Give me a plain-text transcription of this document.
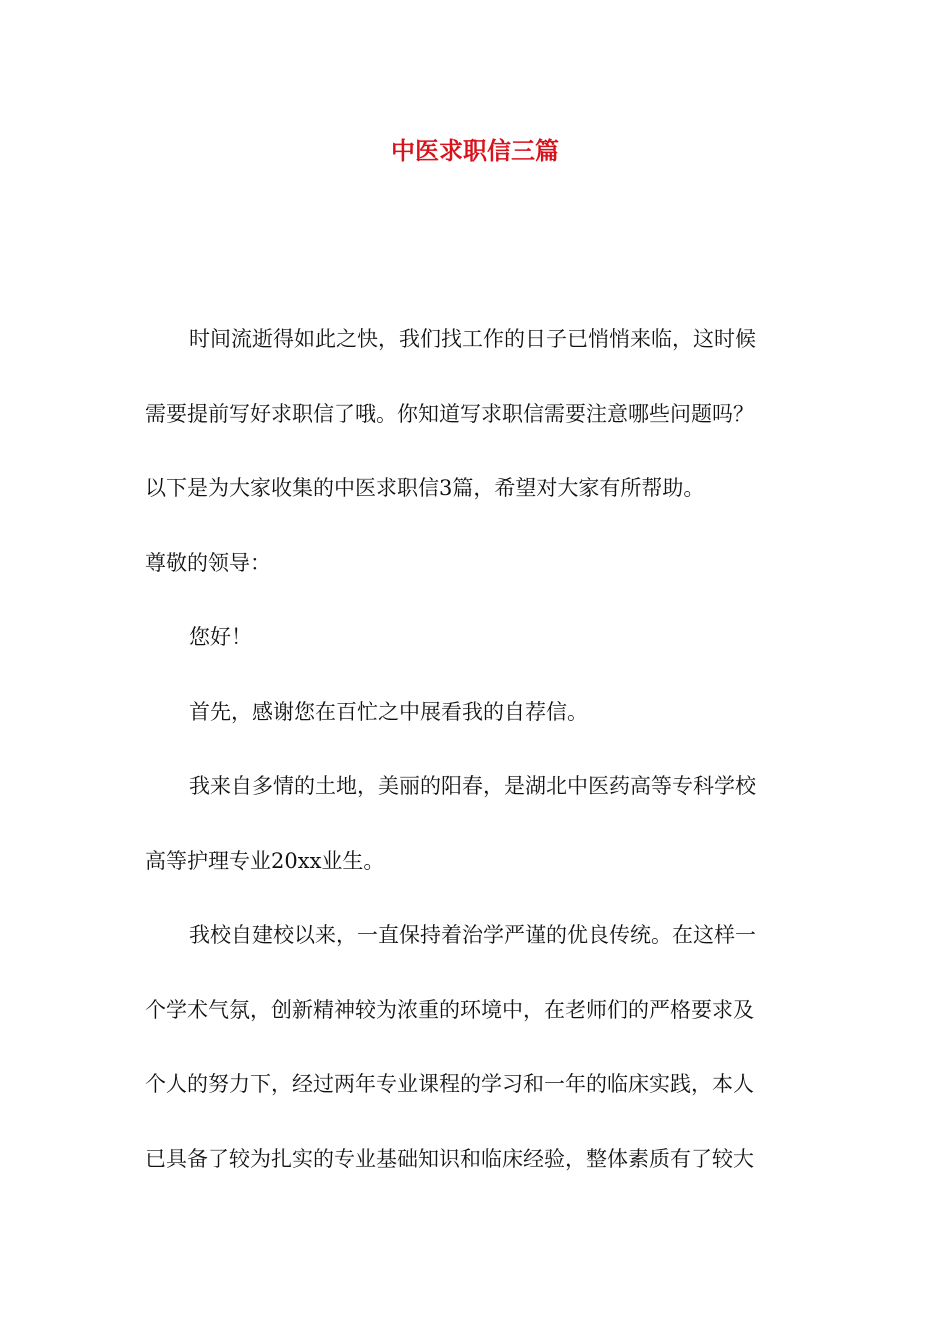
中医求职信三篇

时间流逝得如此之快，我们找工作的日子已悄悄来临，这时候

需要提前写好求职信了哦。你知道写求职信需要注意哪些问题吗？

以下是为大家收集的中医求职信3篇，希望对大家有所帮助。

尊敬的领导：

您好！

首先，感谢您在百忙之中展看我的自荐信。

我来自多情的土地，美丽的阳春，是湖北中医药高等专科学校

高等护理专业20xx业生。

我校自建校以来，一直保持着治学严谨的优良传统。在这样一

个学术气氛，创新精神较为浓重的环境中，在老师们的严格要求及

个人的努力下，经过两年专业课程的学习和一年的临床实践，本人

已具备了较为扎实的专业基础知识和临床经验，整体素质有了较大
